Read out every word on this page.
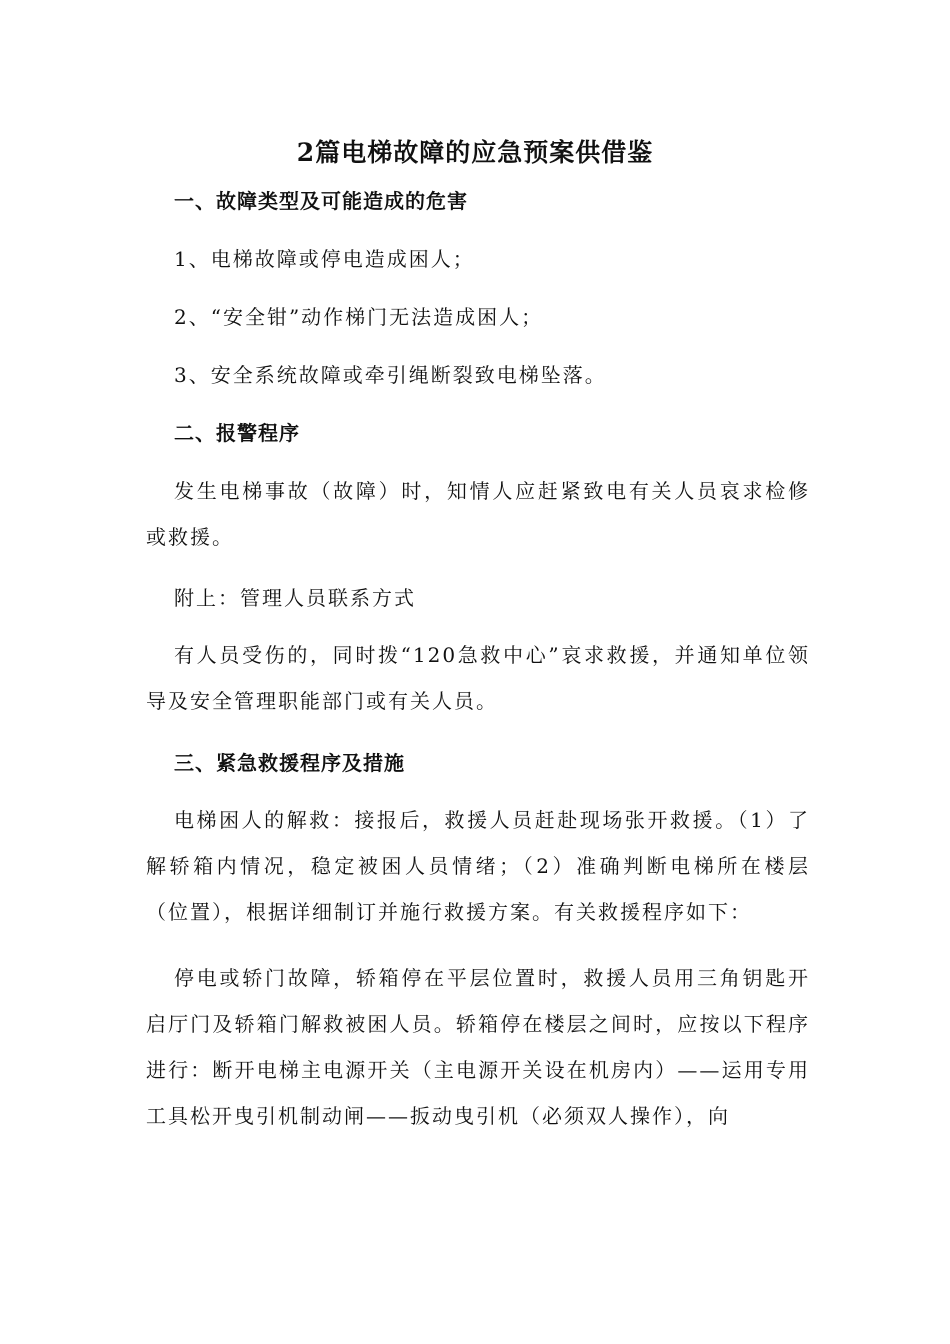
2篇电梯故障的应急预案供借鉴
一、故障类型及可能造成的危害
1、电梯故障或停电造成困人；
2、“安全钳”动作梯门无法造成困人；
3、安全系统故障或牵引绳断裂致电梯坠落。
二、报警程序

发生电梯事故（故障）时，知情人应赶紧致电有关人员哀求检修或救援。

附上：管理人员联系方式

有人员受伤的，同时拨“120急救中心”哀求救援，并通知单位领导及安全管理职能部门或有关人员。

三、紧急救援程序及措施

电梯困人的解救：接报后，救援人员赶赴现场张开救援。（1）了解轿箱内情况，稳定被困人员情绪；（2）准确判断电梯所在楼层（位置），根据详细制订并施行救援方案。有关救援程序如下：

停电或轿门故障，轿箱停在平层位置时，救援人员用三角钥匙开启厅门及轿箱门解救被困人员。轿箱停在楼层之间时，应按以下程序进行：断开电梯主电源开关（主电源开关设在机房内）——运用专用工具松开曳引机制动闸——扳动曳引机（必须双人操作），向
